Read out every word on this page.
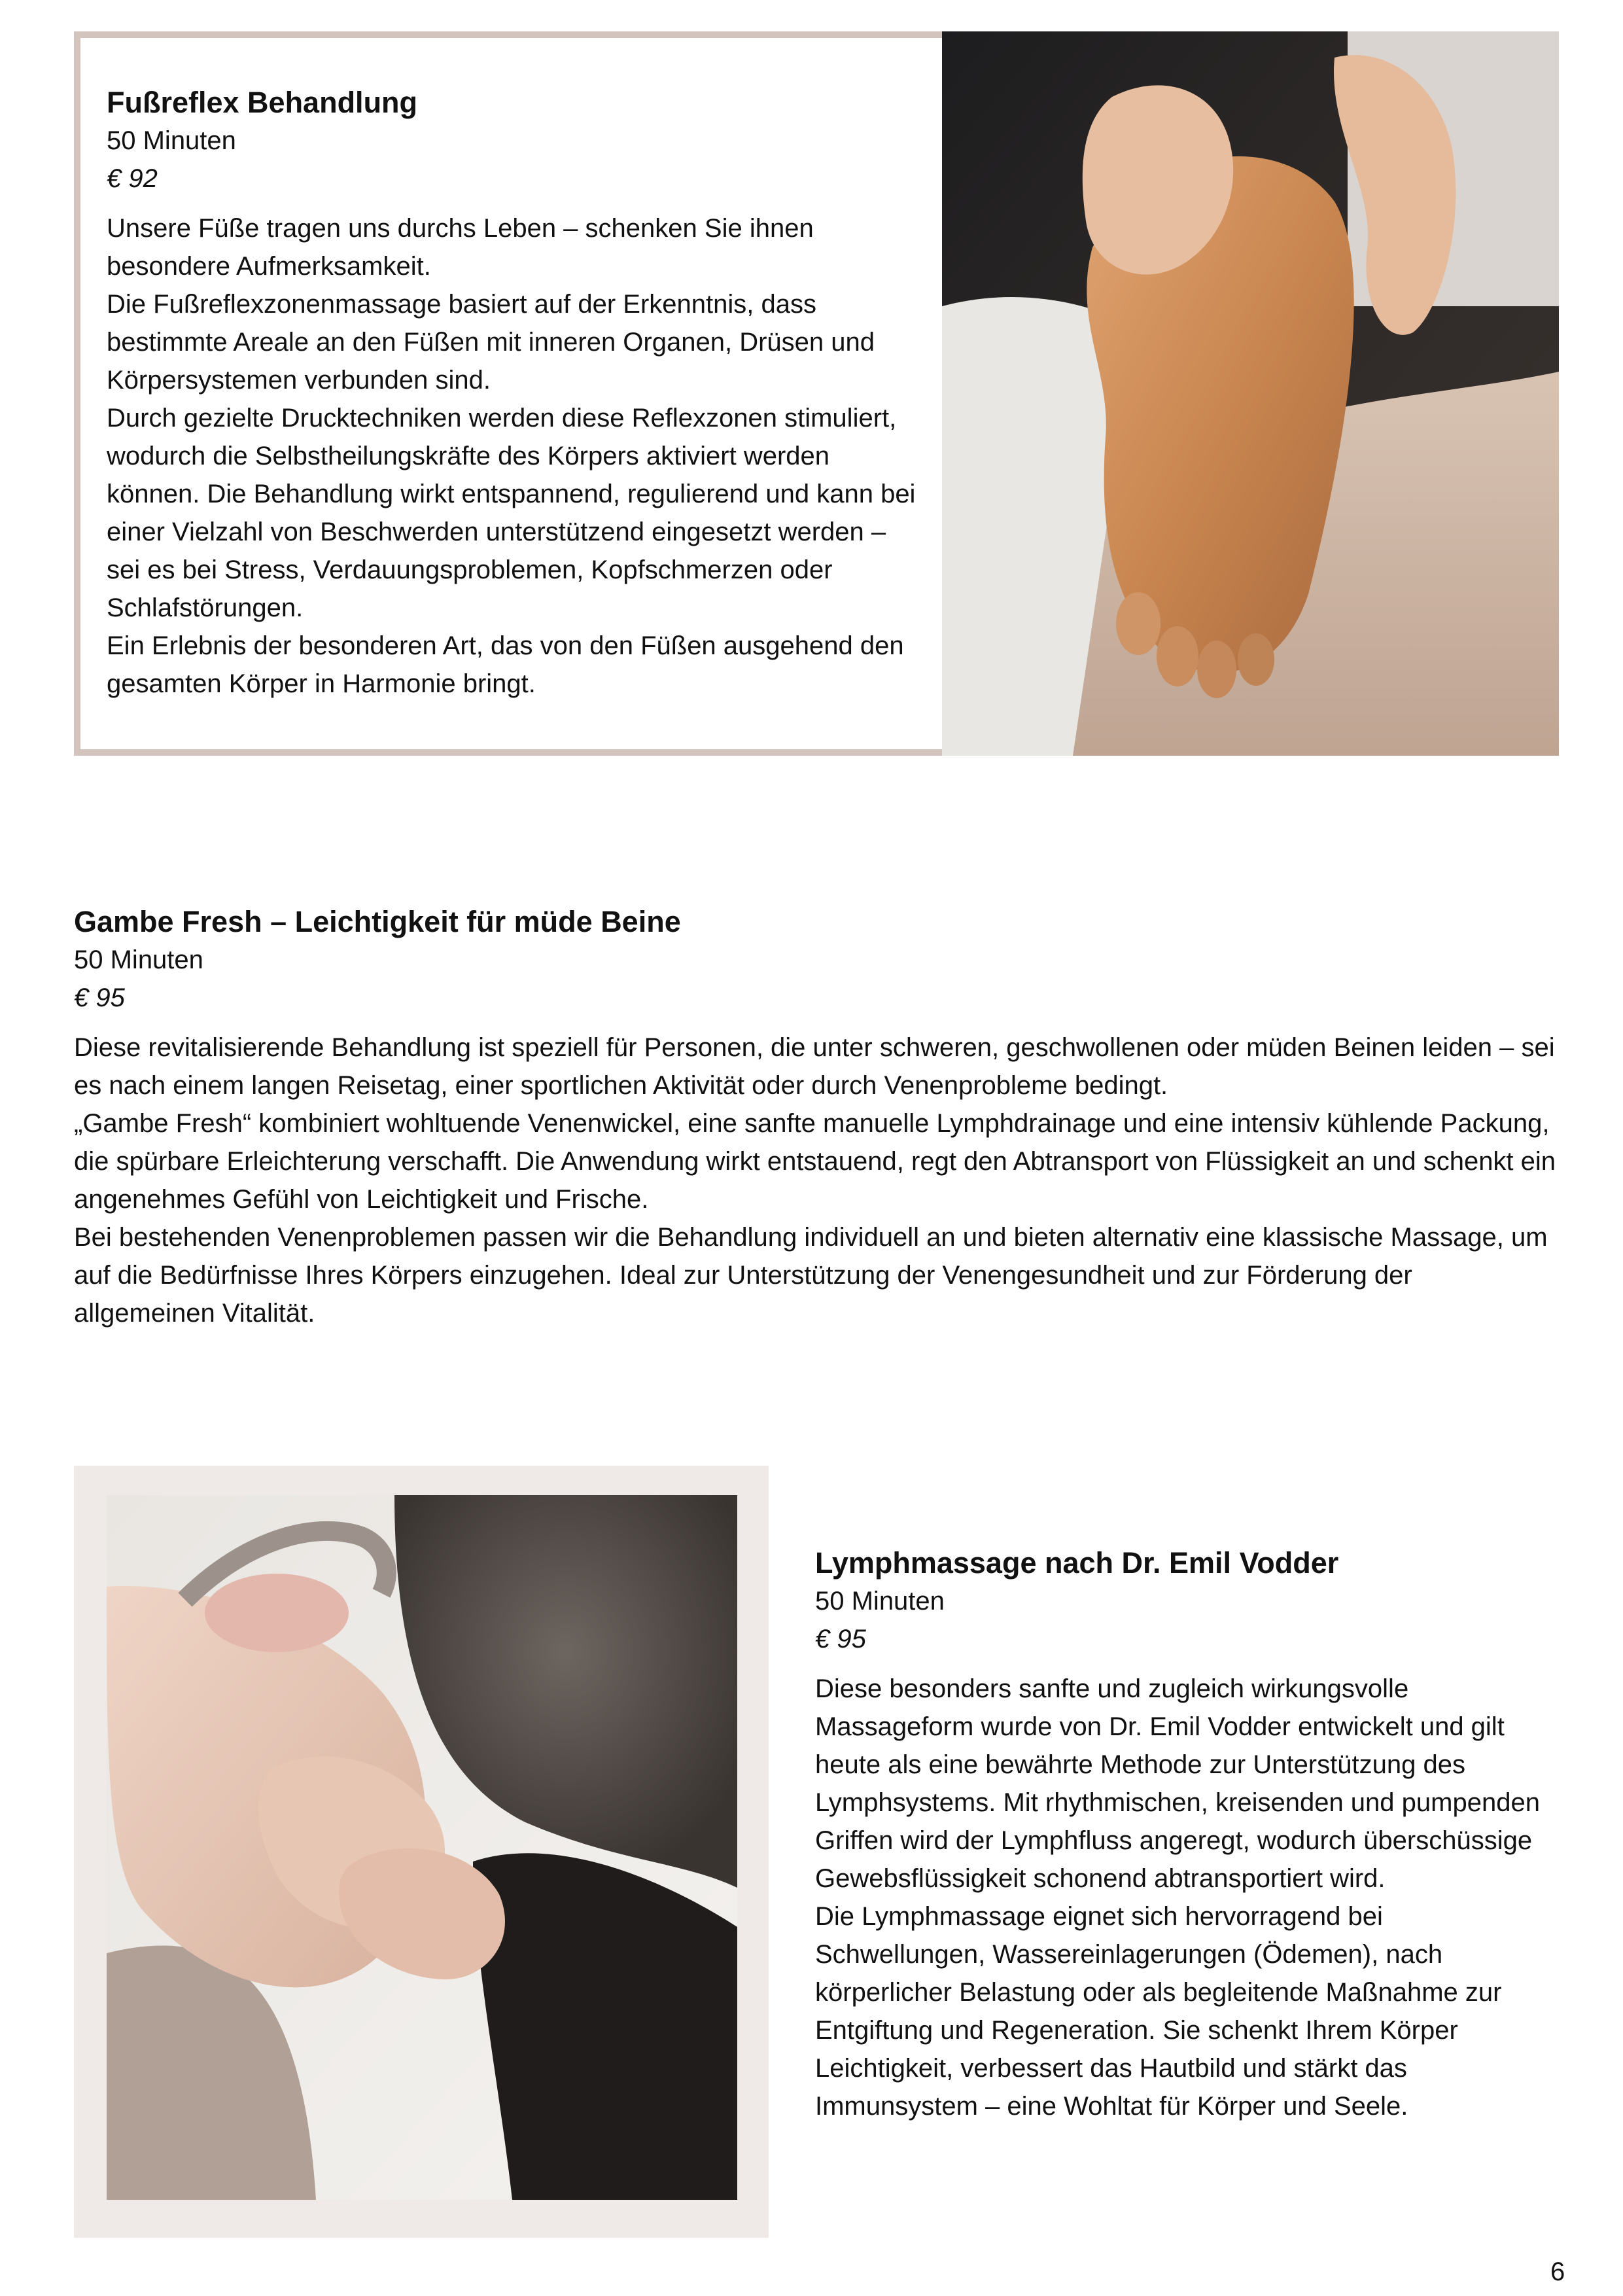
Fußreflex Behandlung

50 Minuten

€ 92

Unsere Füße tragen uns durchs Leben – schenken Sie ihnen besondere Aufmerksamkeit.

Die Fußreflexzonenmassage basiert auf der Erkenntnis, dass bestimmte Areale an den Füßen mit inneren Organen, Drüsen und Körpersystemen verbunden sind.

Durch gezielte Drucktechniken werden diese Reflexzonen stimuliert, wodurch die Selbstheilungskräfte des Körpers aktiviert werden können. Die Behandlung wirkt entspannend, regulierend und kann bei einer Vielzahl von Beschwerden unterstützend eingesetzt werden – sei es bei Stress, Verdauungsproblemen, Kopfschmerzen oder Schlafstörungen.

Ein Erlebnis der besonderen Art, das von den Füßen ausgehend den gesamten Körper in Harmonie bringt.

Gambe Fresh – Leichtigkeit für müde Beine

50 Minuten

€ 95

Diese revitalisierende Behandlung ist speziell für Personen, die unter schweren, geschwollenen oder müden Beinen leiden – sei es nach einem langen Reisetag, einer sportlichen Aktivität oder durch Venenprobleme bedingt.

„Gambe Fresh“ kombiniert wohltuende Venenwickel, eine sanfte manuelle Lymphdrainage und eine intensiv kühlende Packung, die spürbare Erleichterung verschafft. Die Anwendung wirkt entstauend, regt den Abtransport von Flüssigkeit an und schenkt ein angenehmes Gefühl von Leichtigkeit und Frische.

Bei bestehenden Venenproblemen passen wir die Behandlung individuell an und bieten alternativ eine klassische Massage, um auf die Bedürfnisse Ihres Körpers einzugehen. Ideal zur Unterstützung der Venengesundheit und zur Förderung der allgemeinen Vitalität.

Lymphmassage nach Dr. Emil Vodder

50 Minuten

€ 95

Diese besonders sanfte und zugleich wirkungsvolle Massageform wurde von Dr. Emil Vodder entwickelt und gilt heute als eine bewährte Methode zur Unterstützung des Lymphsystems. Mit rhythmischen, kreisenden und pumpenden Griffen wird der Lymphfluss angeregt, wodurch überschüssige Gewebsflüssigkeit schonend abtransportiert wird.

Die Lymphmassage eignet sich hervorragend bei Schwellungen, Wassereinlagerungen (Ödemen), nach körperlicher Belastung oder als begleitende Maßnahme zur Entgiftung und Regeneration. Sie schenkt Ihrem Körper Leichtigkeit, verbessert das Hautbild und stärkt das Immunsystem – eine Wohltat für Körper und Seele.

6
